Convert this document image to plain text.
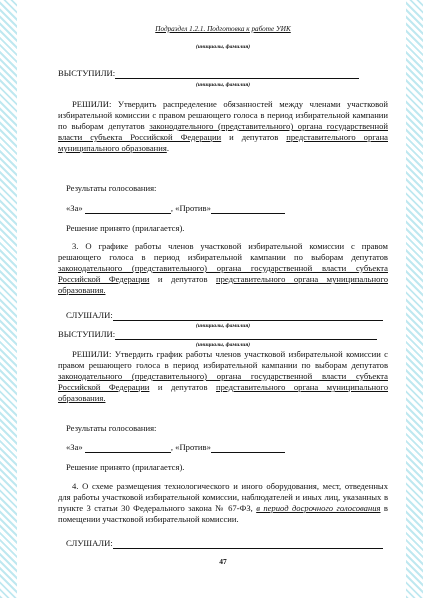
Подраздел 1.2.1. Подготовка к работе УИК
(инициалы, фамилия)
ВЫСТУПИЛИ:
(инициалы, фамилия)
РЕШИЛИ: Утвердить распределение обязанностей между членами участковой избирательной комиссии с правом решающего голоса в период избирательной кампании по выборам депутатов законодательного (представительного) органа государственной власти субъекта Российской Федерации и депутатов представительного органа муниципального образования.
Результаты голосования:
«За»	, «Против»
Решение принято (прилагается).
3. О графике работы членов участковой избирательной комиссии с правом решающего голоса в период избирательной кампании по выборам депутатов законодательного (представительного) органа государственной власти субъекта Российской Федерации и депутатов представительного органа муниципального образования.
СЛУШАЛИ:
(инициалы, фамилия)
ВЫСТУПИЛИ:
(инициалы, фамилия)
РЕШИЛИ: Утвердить график работы членов участковой избирательной комиссии с правом решающего голоса в период избирательной кампании по выборам депутатов законодательного (представительного) органа государственной власти субъекта Российской Федерации и депутатов представительного органа муниципального образования.
Результаты голосования:
«За»	, «Против»
Решение принято (прилагается).
4. О схеме размещения технологического и иного оборудования, мест, отведенных для работы участковой избирательной комиссии, наблюдателей и иных лиц, указанных в пункте 3 статьи 30 Федерального закона № 67-ФЗ, в период досрочного голосования в помещении участковой избирательной комиссии.
СЛУШАЛИ:
47
